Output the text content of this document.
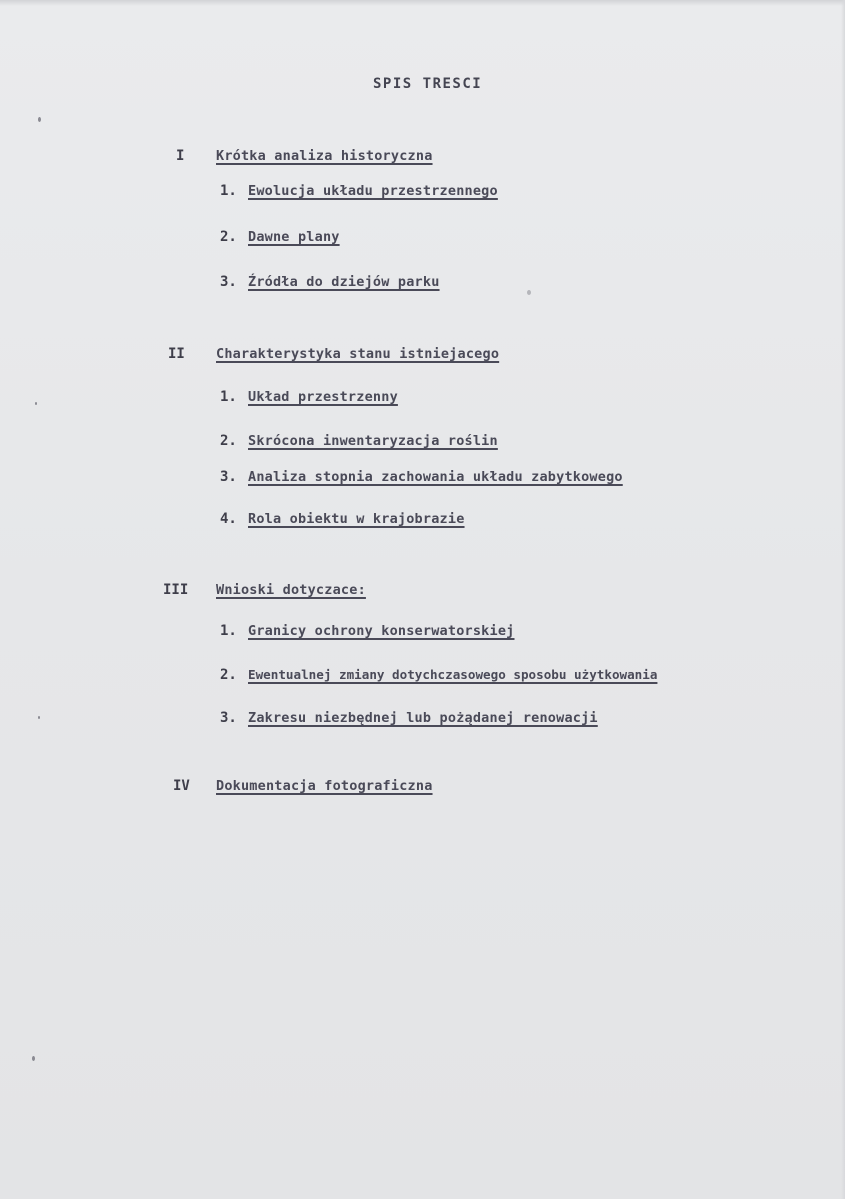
SPIS TRESCI
I Krótka analiza historyczna
1. Ewolucja układu przestrzennego
2. Dawne plany
3. Źródła do dziejów parku
II Charakterystyka stanu istniejacego
1. Układ przestrzenny
2. Skrócona inwentaryzacja roślin
3. Analiza stopnia zachowania układu zabytkowego
4. Rola obiektu w krajobrazie
III Wnioski dotyczace:
1. Granicy ochrony konserwatorskiej
2. Ewentualnej zmiany dotychczasowego sposobu użytkowania
3. Zakresu niezbędnej lub pożądanej renowacji
IV Dokumentacja fotograficzna
